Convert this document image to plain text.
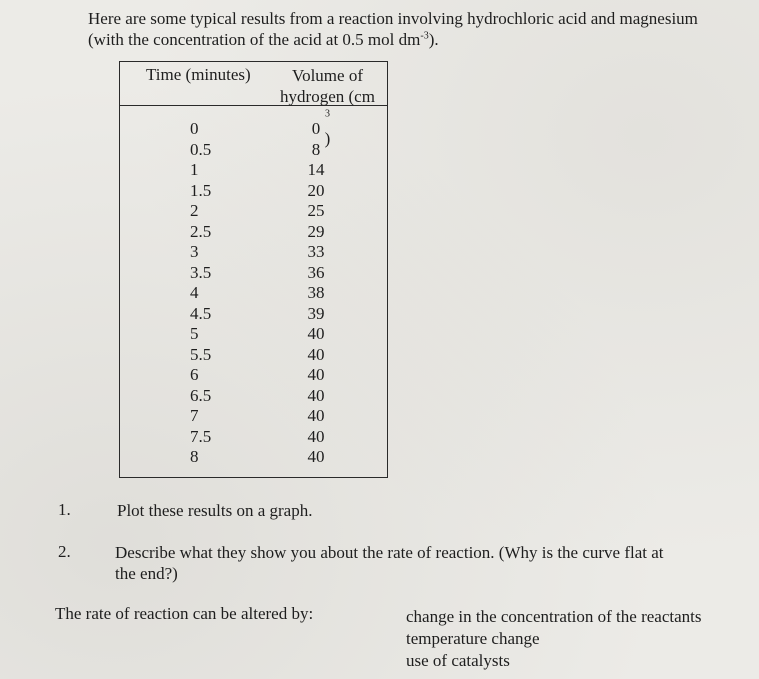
Here are some typical results from a reaction involving hydrochloric acid and magnesium
(with the concentration of the acid at 0.5 mol $dm^{-3}$).
Time (minutes)	Volume of
hydrogen (cm
$^3$
)
0	0
0.5	8
1	14
1.5	20
2	25
2.5	29
3	33
3.5	36
4	38
4.5	39
5	40
5.5	40
6	40
6.5	40
7	40
7.5	40
8	40
1.	Plot these results on a graph.
2.	Describe what they show you about the rate of reaction. (Why is the curve flat at
the end?)
The rate of reaction can be altered by:	change in the concentration of the reactants
temperature change
use of catalysts
